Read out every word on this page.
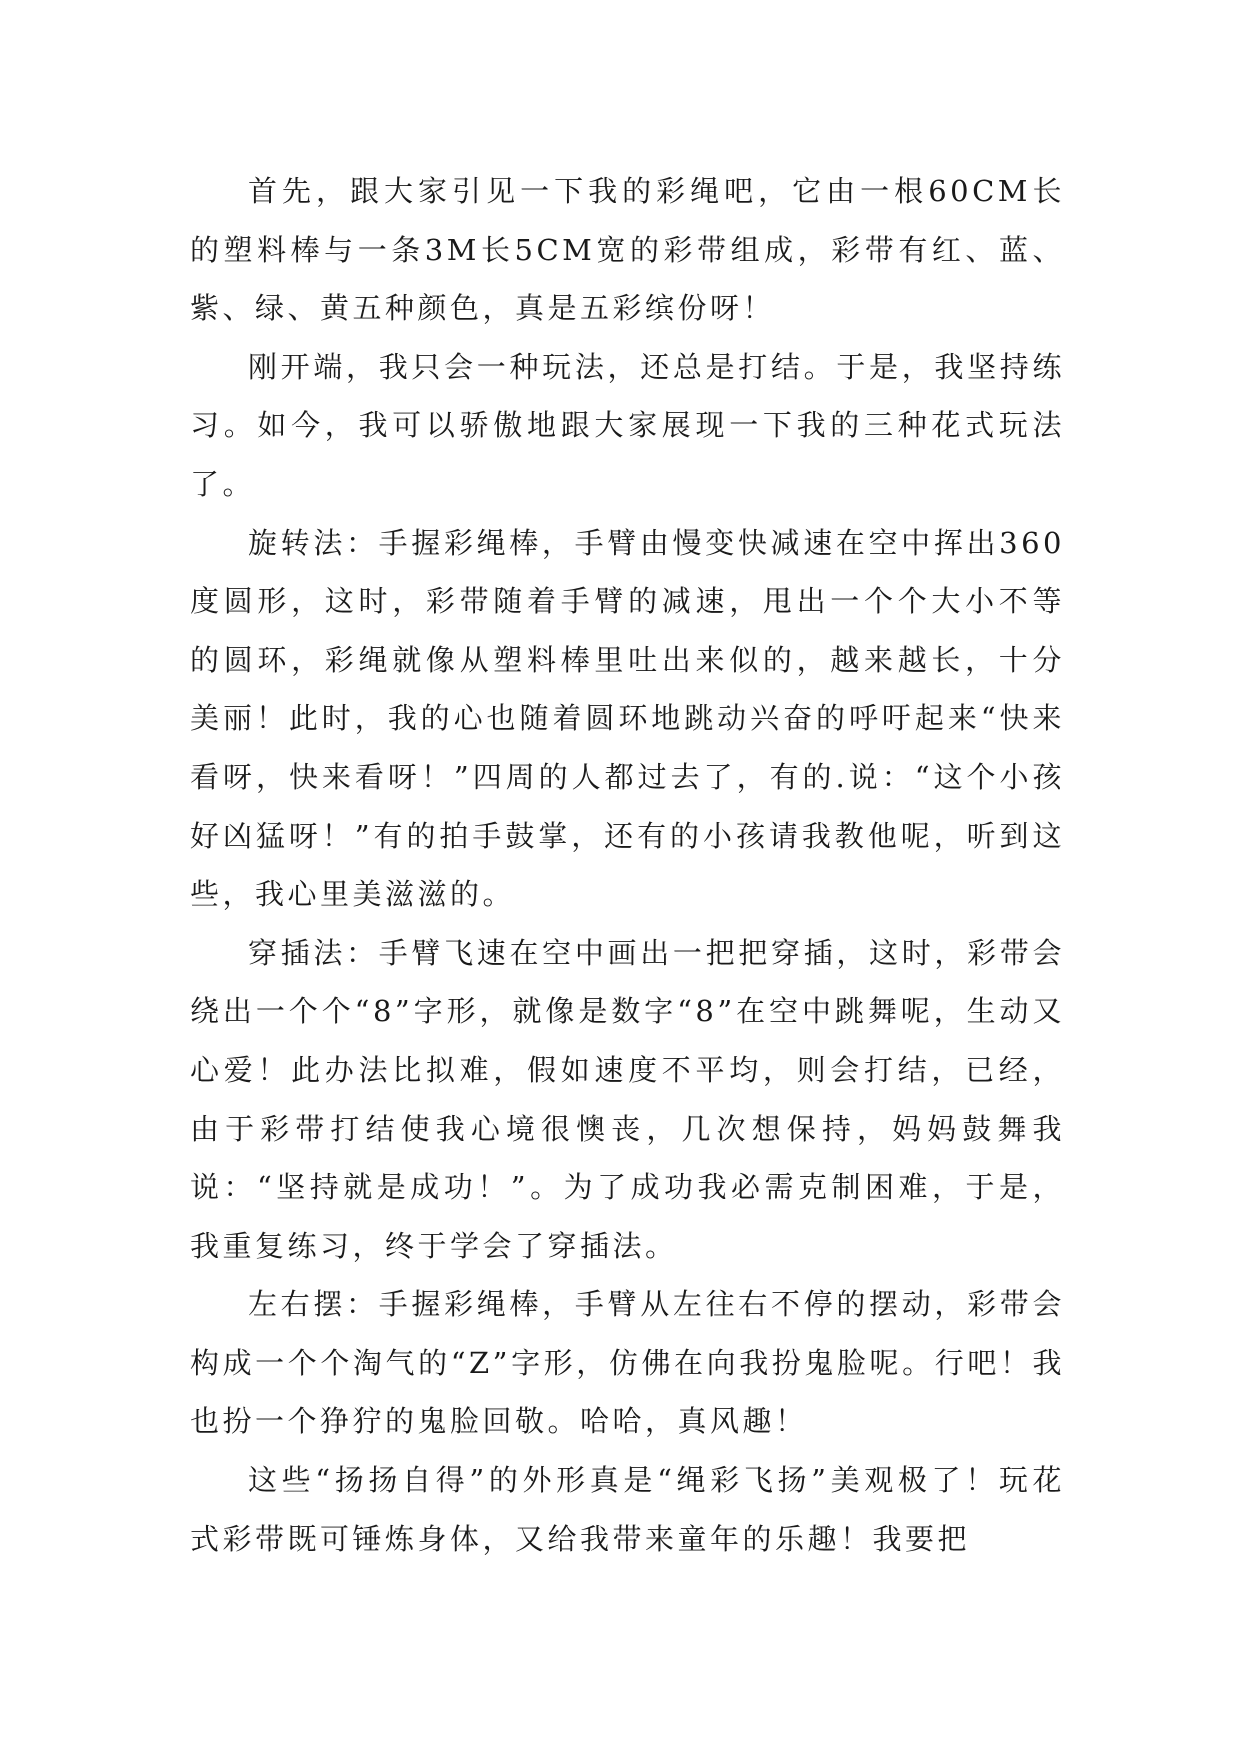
首先，跟大家引见一下我的彩绳吧，它由一根60CM长的塑料棒与一条3M长5CM宽的彩带组成，彩带有红、蓝、紫、绿、黄五种颜色，真是五彩缤份呀！

刚开端，我只会一种玩法，还总是打结。于是，我坚持练习。如今，我可以骄傲地跟大家展现一下我的三种花式玩法了。

旋转法：手握彩绳棒，手臂由慢变快减速在空中挥出360度圆形，这时，彩带随着手臂的减速，甩出一个个大小不等的圆环，彩绳就像从塑料棒里吐出来似的，越来越长，十分美丽！此时，我的心也随着圆环地跳动兴奋的呼吁起来“快来看呀，快来看呀！”四周的人都过去了，有的.说：“这个小孩好凶猛呀！”有的拍手鼓掌，还有的小孩请我教他呢，听到这些，我心里美滋滋的。

穿插法：手臂飞速在空中画出一把把穿插，这时，彩带会绕出一个个“8”字形，就像是数字“8”在空中跳舞呢，生动又心爱！此办法比拟难，假如速度不平均，则会打结，已经，由于彩带打结使我心境很懊丧，几次想保持，妈妈鼓舞我说：“坚持就是成功！”。为了成功我必需克制困难，于是，我重复练习，终于学会了穿插法。

左右摆：手握彩绳棒，手臂从左往右不停的摆动，彩带会构成一个个淘气的“Z”字形，仿佛在向我扮鬼脸呢。行吧！我也扮一个狰狞的鬼脸回敬。哈哈，真风趣！

这些“扬扬自得”的外形真是“绳彩飞扬”美观极了！玩花式彩带既可锤炼身体，又给我带来童年的乐趣！我要把
